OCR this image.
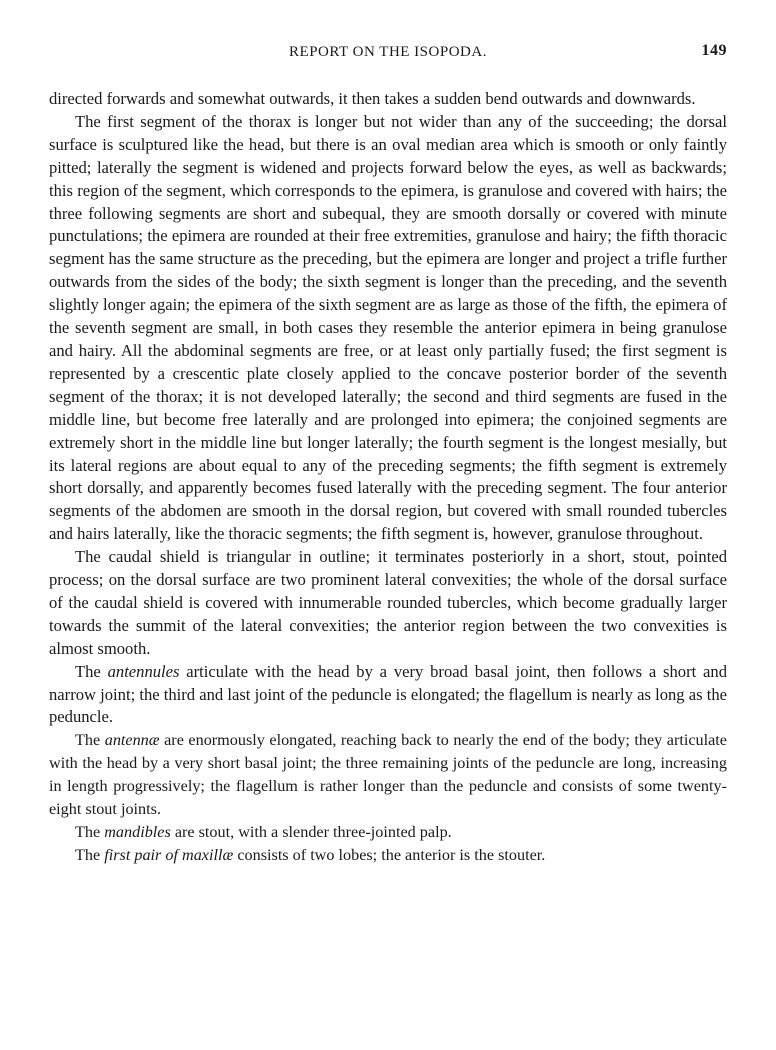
REPORT ON THE ISOPODA.	149

directed forwards and somewhat outwards, it then takes a sudden bend outwards and downwards.

The first segment of the thorax is longer but not wider than any of the succeeding; the dorsal surface is sculptured like the head, but there is an oval median area which is smooth or only faintly pitted; laterally the segment is widened and projects forward below the eyes, as well as backwards; this region of the segment, which corresponds to the epimera, is granulose and covered with hairs; the three following segments are short and subequal, they are smooth dorsally or covered with minute punctulations; the epimera are rounded at their free extremities, granulose and hairy; the fifth thoracic segment has the same structure as the preceding, but the epimera are longer and project a trifle further outwards from the sides of the body; the sixth segment is longer than the preceding, and the seventh slightly longer again; the epimera of the sixth segment are as large as those of the fifth, the epimera of the seventh segment are small, in both cases they resemble the anterior epimera in being granulose and hairy. All the abdominal segments are free, or at least only partially fused; the first segment is represented by a crescentic plate closely applied to the concave posterior border of the seventh segment of the thorax; it is not developed laterally; the second and third segments are fused in the middle line, but become free laterally and are prolonged into epimera; the conjoined segments are extremely short in the middle line but longer laterally; the fourth segment is the longest mesially, but its lateral regions are about equal to any of the preceding segments; the fifth segment is extremely short dorsally, and apparently becomes fused laterally with the preceding segment. The four anterior segments of the abdomen are smooth in the dorsal region, but covered with small rounded tubercles and hairs laterally, like the thoracic segments; the fifth segment is, however, granulose throughout.

The caudal shield is triangular in outline; it terminates posteriorly in a short, stout, pointed process; on the dorsal surface are two prominent lateral convexities; the whole of the dorsal surface of the caudal shield is covered with innumerable rounded tubercles, which become gradually larger towards the summit of the lateral convexities; the anterior region between the two convexities is almost smooth.

The antennules articulate with the head by a very broad basal joint, then follows a short and narrow joint; the third and last joint of the peduncle is elongated; the flagellum is nearly as long as the peduncle.

The antennæ are enormously elongated, reaching back to nearly the end of the body; they articulate with the head by a very short basal joint; the three remaining joints of the peduncle are long, increasing in length progressively; the flagellum is rather longer than the peduncle and consists of some twenty-eight stout joints.

The mandibles are stout, with a slender three-jointed palp.

The first pair of maxillæ consists of two lobes; the anterior is the stouter.
